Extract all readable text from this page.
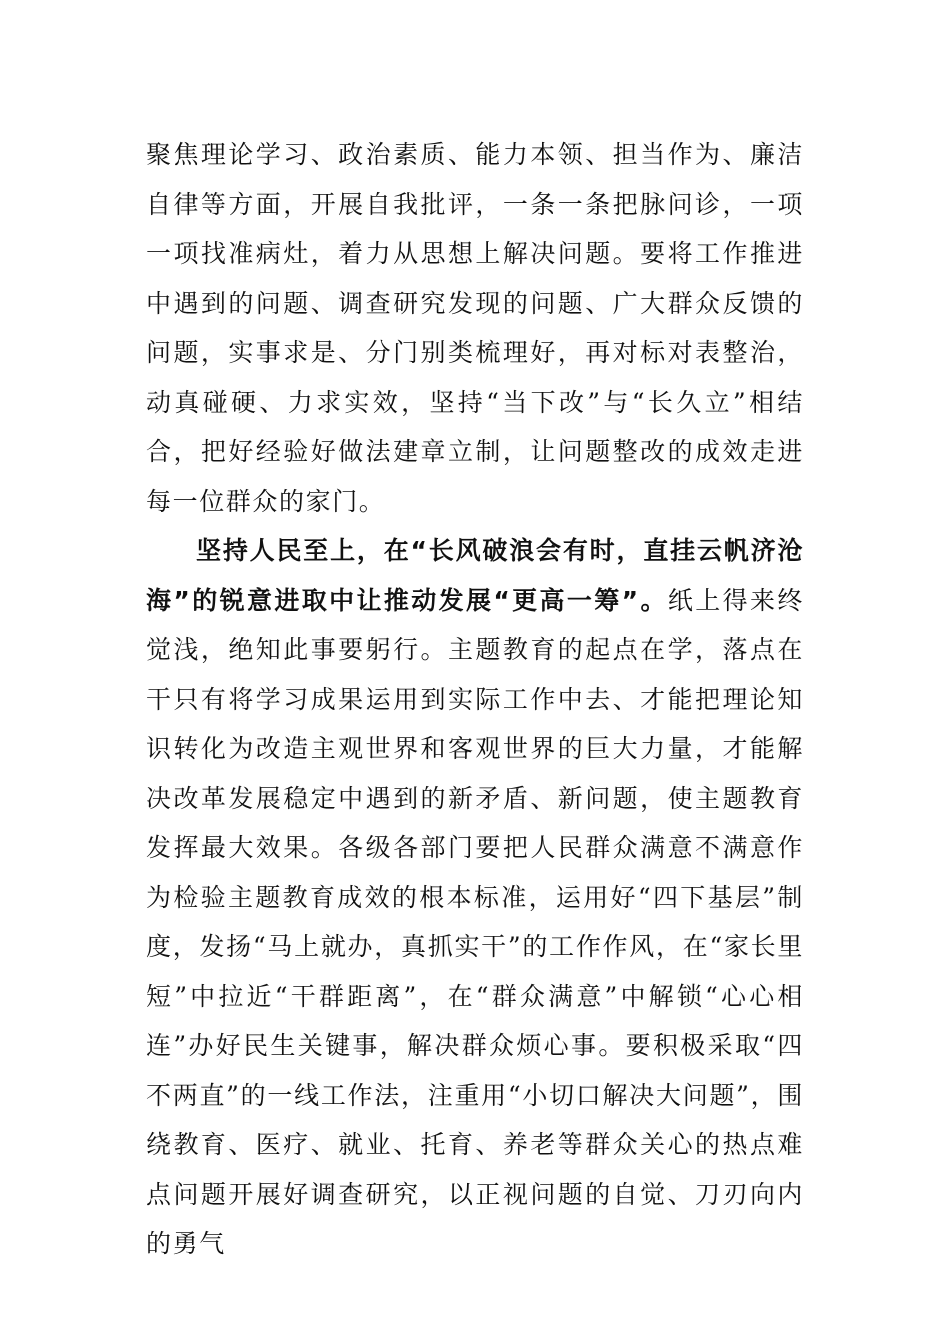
聚焦理论学习、政治素质、能力本领、担当作为、廉洁自律等方面，开展自我批评，一条一条把脉问诊，一项一项找准病灶，着力从思想上解决问题。要将工作推进中遇到的问题、调查研究发现的问题、广大群众反馈的问题，实事求是、分门别类梳理好，再对标对表整治，动真碰硬、力求实效，坚持“当下改”与“长久立”相结合，把好经验好做法建章立制，让问题整改的成效走进每一位群众的家门。

坚持人民至上，在“长风破浪会有时，直挂云帆济沧海”的锐意进取中让推动发展“更高一筹”。纸上得来终觉浅，绝知此事要躬行。主题教育的起点在学，落点在干只有将学习成果运用到实际工作中去、才能把理论知识转化为改造主观世界和客观世界的巨大力量，才能解决改革发展稳定中遇到的新矛盾、新问题，使主题教育发挥最大效果。各级各部门要把人民群众满意不满意作为检验主题教育成效的根本标准，运用好“四下基层”制度，发扬“马上就办，真抓实干”的工作作风，在“家长里短”中拉近“干群距离”，在“群众满意”中解锁“心心相连”办好民生关键事，解决群众烦心事。要积极采取“四不两直”的一线工作法，注重用“小切口解决大问题”，围绕教育、医疗、就业、托育、养老等群众关心的热点难点问题开展好调查研究，以正视问题的自觉、刀刃向内的勇气
